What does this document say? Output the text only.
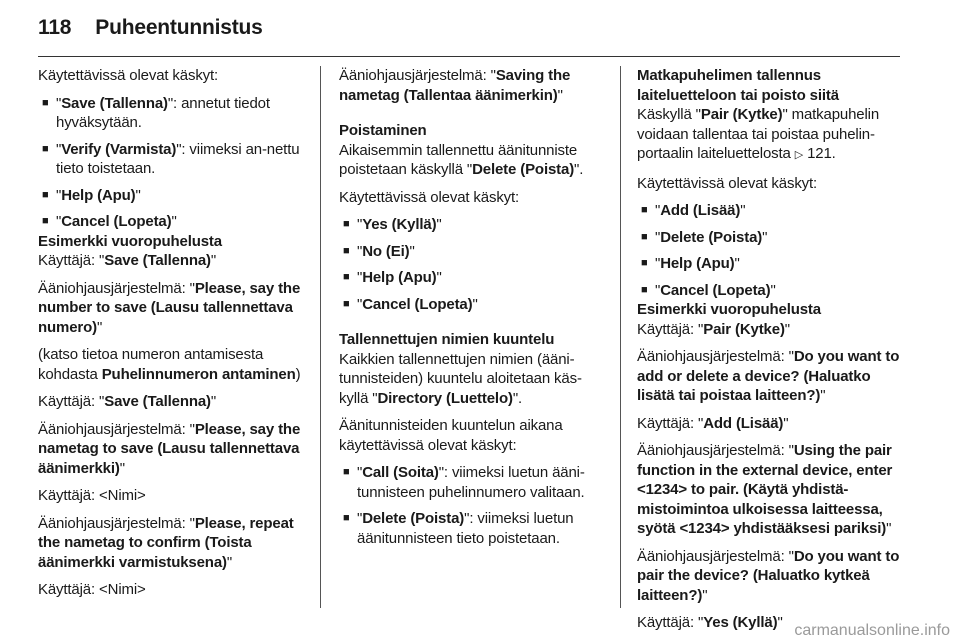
118 Puheentunnistus

Käytettävissä olevat käskyt:

■ "Save (Tallenna)": annetut tiedot hyväksytään.
■ "Verify (Varmista)": viimeksi an-nettu tieto toistetaan.
■ "Help (Apu)"
■ "Cancel (Lopeta)"

Esimerkki vuoropuhelusta

Käyttäjä: "Save (Tallenna)"

Ääniohjausjärjestelmä: "Please, say the number to save (Lausu tallennettava numero)"

(katso tietoa numeron antamisesta kohdasta Puhelinnumeron antaminen)

Käyttäjä: "Save (Tallenna)"

Ääniohjausjärjestelmä: "Please, say the nametag to save (Lausu tallennettava äänimerkki)"

Käyttäjä: <Nimi>

Ääniohjausjärjestelmä: "Please, repeat the nametag to confirm (Toista äänimerkki varmistuksena)"

Käyttäjä: <Nimi>

Ääniohjausjärjestelmä: "Saving the nametag (Tallentaa äänimerkin)"

Poistaminen

Aikaisemmin tallennettu äänitunniste poistetaan käskyllä "Delete (Poista)".

Käytettävissä olevat käskyt:

■ "Yes (Kyllä)"
■ "No (Ei)"
■ "Help (Apu)"
■ "Cancel (Lopeta)"

Tallennettujen nimien kuuntelu

Kaikkien tallennettujen nimien (ääni-tunnisteiden) kuuntelu aloitetaan käs-kyllä "Directory (Luettelo)".

Äänitunnisteiden kuuntelun aikana käytettävissä olevat käskyt:

■ "Call (Soita)": viimeksi luetun ääni-tunnisteen puhelinnumero valitaan.
■ "Delete (Poista)": viimeksi luetun äänitunnisteen tieto poistetaan.

Matkapuhelimen tallennus laiteluetteloon tai poisto siitä

Käskyllä "Pair (Kytke)" matkapuhelin voidaan tallentaa tai poistaa puhelin-portaalin laiteluettelosta ▷ 121.

Käytettävissä olevat käskyt:

■ "Add (Lisää)"
■ "Delete (Poista)"
■ "Help (Apu)"
■ "Cancel (Lopeta)"

Esimerkki vuoropuhelusta

Käyttäjä: "Pair (Kytke)"

Ääniohjausjärjestelmä: "Do you want to add or delete a device? (Haluatko lisätä tai poistaa laitteen?)"

Käyttäjä: "Add (Lisää)"

Ääniohjausjärjestelmä: "Using the pair function in the external device, enter <1234> to pair. (Käytä yhdistä-mistoimintoa ulkoisessa laitteessa, syötä <1234> yhdistääksesi pariksi)"

Ääniohjausjärjestelmä: "Do you want to pair the device? (Haluatko kytkeä laitteen?)"

Käyttäjä: "Yes (Kyllä)" carmanualsonline.info
